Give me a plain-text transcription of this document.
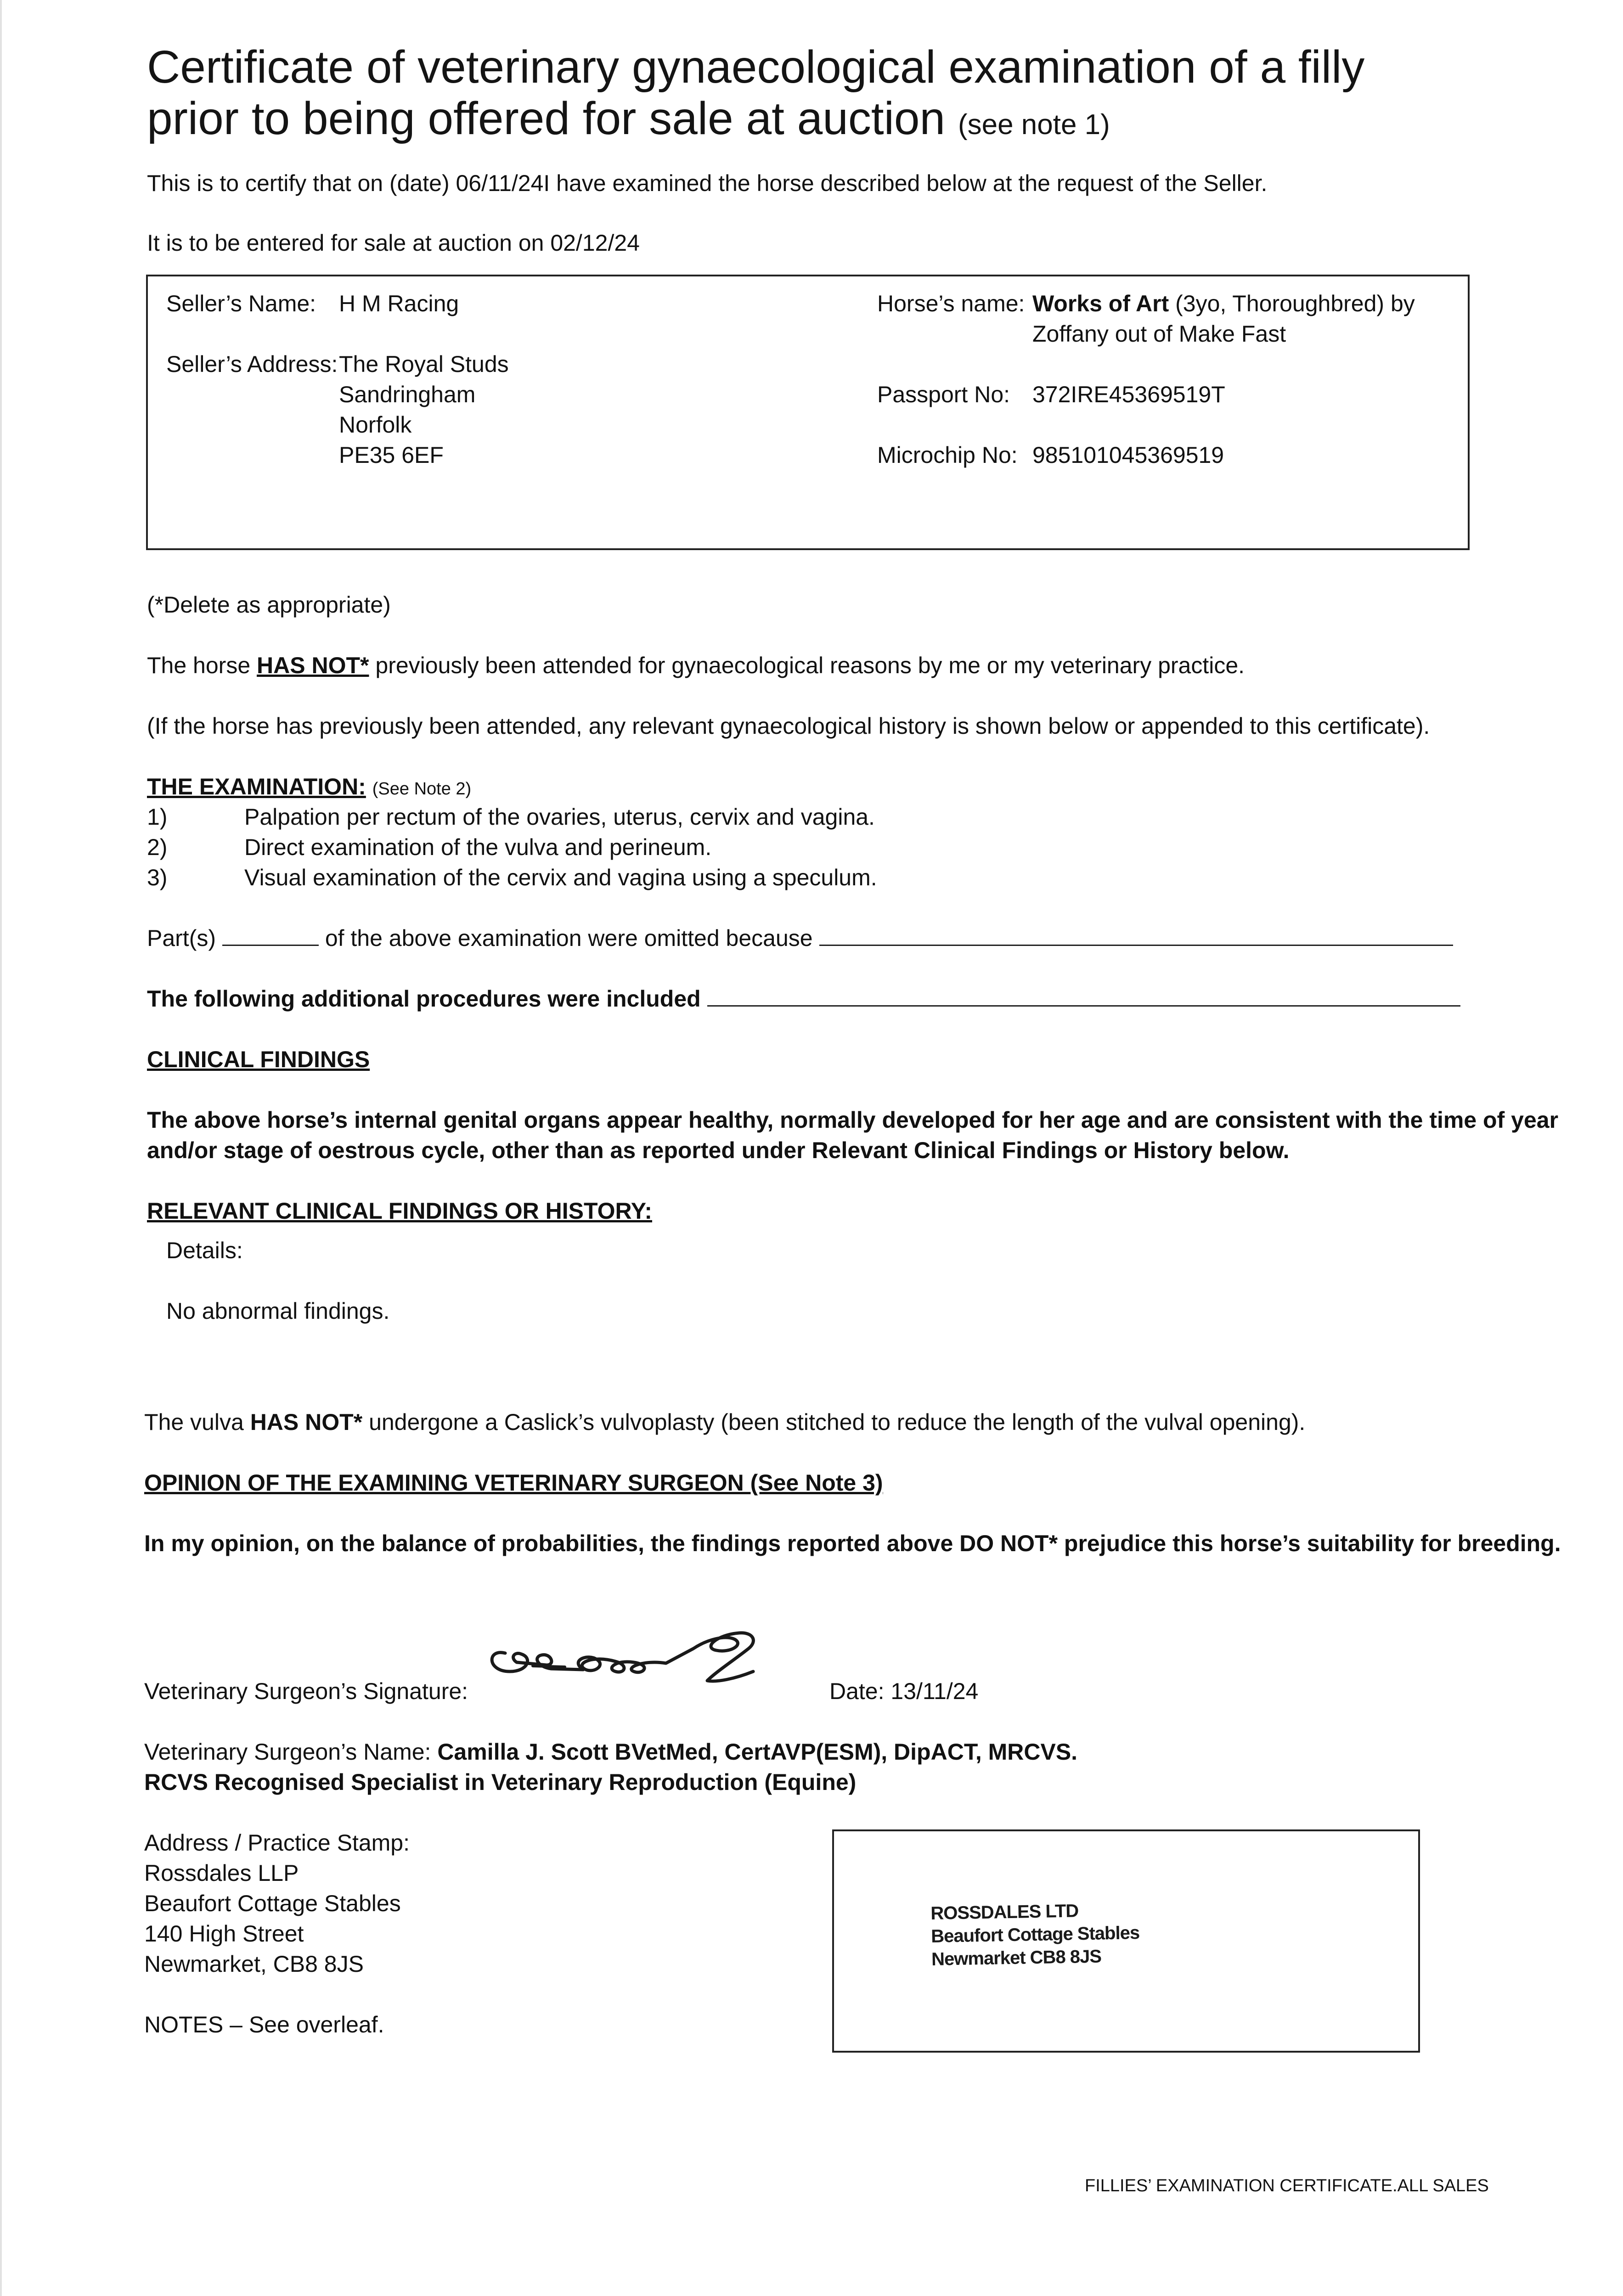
Certificate of veterinary gynaecological examination of a filly
prior to being offered for sale at auction (see note 1)
This is to certify that on (date) 06/11/24I have examined the horse described below at the request of the Seller.
It is to be entered for sale at auction on 02/12/24
Seller’s Name: H M Racing
Seller’s Address: The Royal Studs
Sandringham
Norfolk
PE35 6EF
Horse’s name: Works of Art (3yo, Thoroughbred) by
Zoffany out of Make Fast
Passport No: 372IRE45369519T
Microchip No: 985101045369519
(*Delete as appropriate)
The horse HAS NOT* previously been attended for gynaecological reasons by me or my veterinary practice.
(If the horse has previously been attended, any relevant gynaecological history is shown below or appended to this certificate).
THE EXAMINATION: (See Note 2)
1)	Palpation per rectum of the ovaries, uterus, cervix and vagina.
2)	Direct examination of the vulva and perineum.
3)	Visual examination of the cervix and vagina using a speculum.
Part(s)	of the above examination were omitted because
The following additional procedures were included
CLINICAL FINDINGS
The above horse’s internal genital organs appear healthy, normally developed for her age and are consistent with the time of year
and/or stage of oestrous cycle, other than as reported under Relevant Clinical Findings or History below.
RELEVANT CLINICAL FINDINGS OR HISTORY:
Details:
No abnormal findings.
The vulva HAS NOT* undergone a Caslick’s vulvoplasty (been stitched to reduce the length of the vulval opening).
OPINION OF THE EXAMINING VETERINARY SURGEON (See Note 3)
In my opinion, on the balance of probabilities, the findings reported above DO NOT* prejudice this horse’s suitability for breeding.
Veterinary Surgeon’s Signature:	Date: 13/11/24
Veterinary Surgeon’s Name: Camilla J. Scott BVetMed, CertAVP(ESM), DipACT, MRCVS.
RCVS Recognised Specialist in Veterinary Reproduction (Equine)
Address / Practice Stamp:
Rossdales LLP
Beaufort Cottage Stables
140 High Street
Newmarket, CB8 8JS
NOTES – See overleaf.
ROSSDALES LTD
Beaufort Cottage Stables
Newmarket CB8 8JS
FILLIES’ EXAMINATION CERTIFICATE.ALL SALES
